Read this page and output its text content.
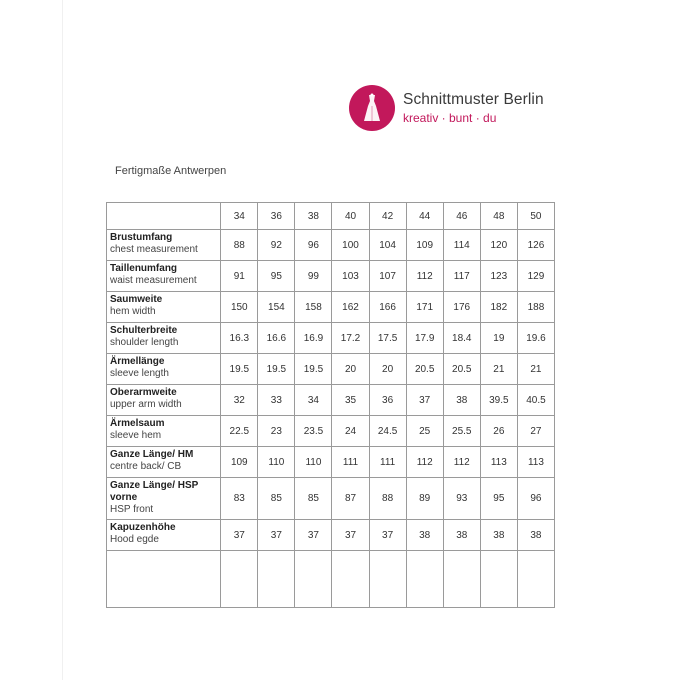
Schnittmuster Berlin
kreativ · bunt · du
Fertigmaße Antwerpen
	34	36	38	40	42	44	46	48	50

Brustumfang
chest measurement	88	92	96	100	104	109	114	120	126

Taillenumfang
waist measurement	91	95	99	103	107	112	117	123	129

Saumweite
hem width	150	154	158	162	166	171	176	182	188

Schulterbreite
shoulder length	16.3	16.6	16.9	17.2	17.5	17.9	18.4	19	19.6

Ärmellänge
sleeve length	19.5	19.5	19.5	20	20	20.5	20.5	21	21

Oberarmweite
upper arm width	32	33	34	35	36	37	38	39.5	40.5

Ärmelsaum
sleeve hem	22.5	23	23.5	24	24.5	25	25.5	26	27

Ganze Länge/ HM
centre back/ CB	109	110	110	111	111	112	112	113	113

Ganze Länge/ HSP vorne
HSP front	83	85	85	87	88	89	93	95	96

Kapuzenhöhe
Hood egde	37	37	37	37	37	38	38	38	38
